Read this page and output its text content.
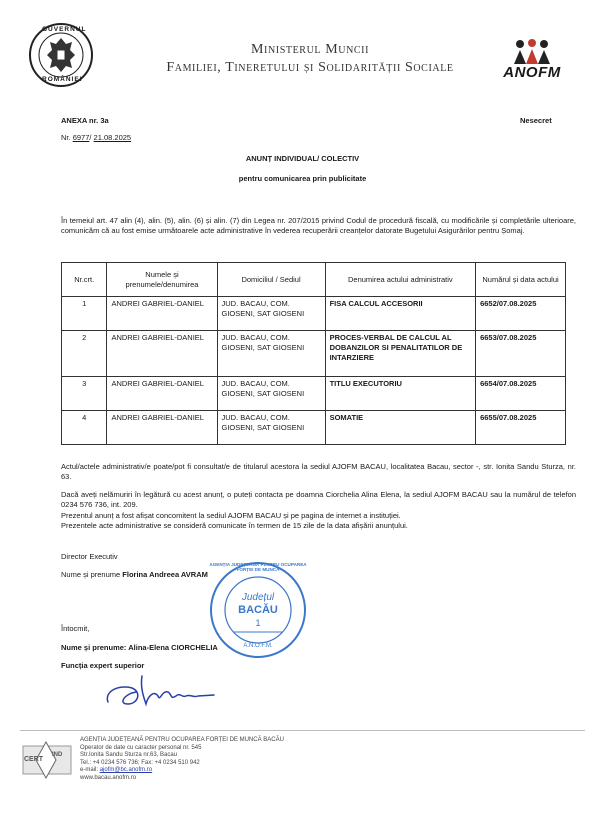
GUVERNUL
ROMÂNIEI
Ministerul Muncii
Familiei, Tineretului și Solidarității Sociale	ANOFM
ANEXA nr. 3a	Nesecret
Nr. 6977/ 21.08.2025
ANUNȚ INDIVIDUAL/ COLECTIV
pentru comunicarea prin publicitate
În temeiul art. 47 alin (4), alin. (5), alin. (6) și alin. (7) din Legea nr. 207/2015 privind Codul de procedură fiscală, cu modificările și completările ulterioare, comunicăm că au fost emise următoarele acte administrative în vederea recuperării creanțelor datorate Bugetului Asigurărilor pentru Șomaj.
Nr.crt.	Numele și prenumele/denumirea	Domiciliul / Sediul	Denumirea actului administrativ	Numărul și data actului
1	ANDREI GABRIEL-DANIEL	JUD. BACAU, COM. GIOSENI, SAT GIOSENI	FISA CALCUL ACCESORII	6652/07.08.2025
2	ANDREI GABRIEL-DANIEL	JUD. BACAU, COM. GIOSENI, SAT GIOSENI	PROCES-VERBAL DE CALCUL AL DOBANZILOR SI PENALITATILOR DE INTARZIERE	6653/07.08.2025
3	ANDREI GABRIEL-DANIEL	JUD. BACAU, COM. GIOSENI, SAT GIOSENI	TITLU EXECUTORIU	6654/07.08.2025
4	ANDREI GABRIEL-DANIEL	JUD. BACAU, COM. GIOSENI, SAT GIOSENI	SOMATIE	6655/07.08.2025
Actul/actele administrativ/e poate/pot fi consultat/e de titularul acestora la sediul AJOFM BACAU, localitatea Bacau, sector -, str. Ionita Sandu Sturza, nr. 63.
Dacă aveți nelămuriri în legătură cu acest anunț, o puteți contacta pe doamna Ciorchelia Alina Elena, la sediul AJOFM BACAU sau la numărul de telefon 0234 576 736, int. 209.
Prezentul anunț a fost afișat concomitent la sediul AJOFM BACAU și pe pagina de internet a instituției.
Prezentele acte administrative se consideră comunicate în termen de 15 zile de la data afișării anunțului.
Director Executiv
Nume și prenume Florina Andreea AVRAM
Întocmit,
Nume și prenume: Alina-Elena CIORCHELIA
Funcția expert superior
AGENȚIA JUDEȚEANĂ PENTRU OCUPAREA FORȚEI DE MUNCĂ
Județul
BACĂU
1
A.N.O.F.M.
CERT
IND
AGENȚIA JUDEȚEANĂ PENTRU OCUPAREA FORȚEI DE MUNCĂ BACĂU
Operator de date cu caracter personal nr. 545
Str.Ionita Sandu Sturza nr.63, Bacau
Tel.: +4 0234 576 736; Fax: +4 0234 510 942
e-mail: ajofm@bc.anofm.ro
www.bacau.anofm.ro
